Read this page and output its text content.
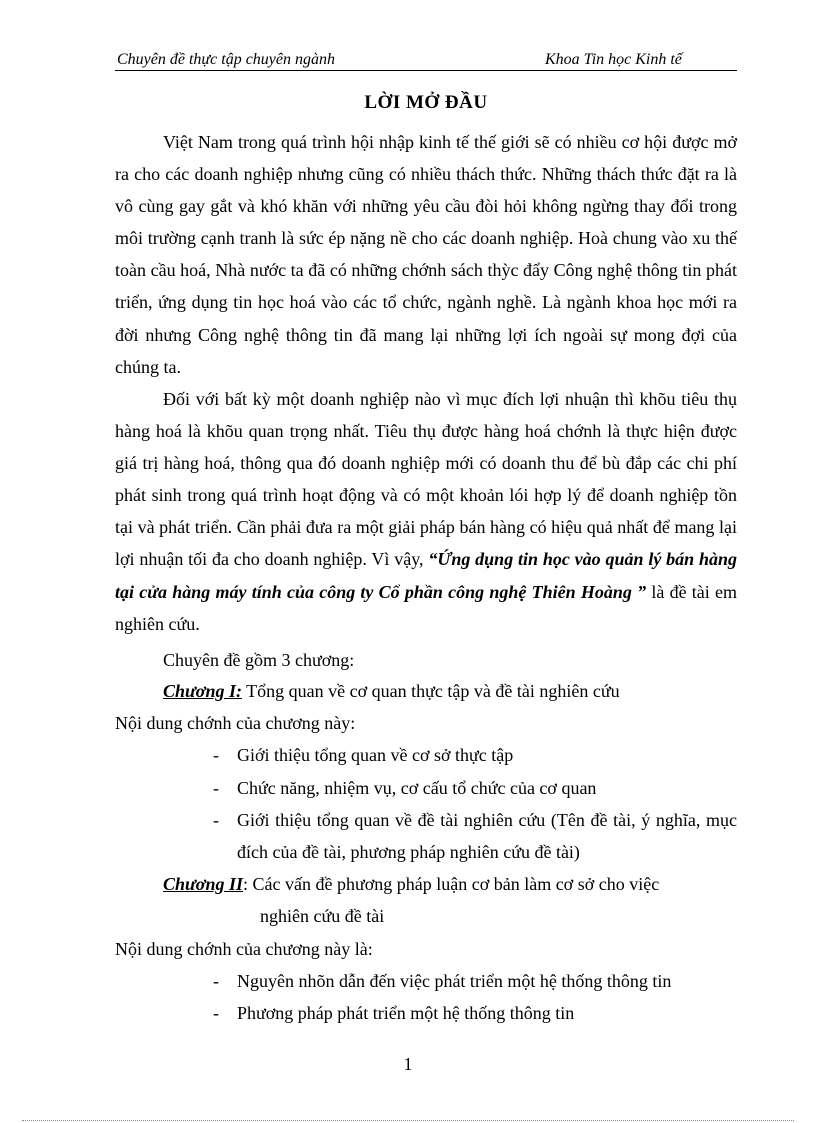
Chuyên đề thực tập chuyên ngành	Khoa Tin học Kinh tế
LỜI MỞ ĐẦU

Việt Nam trong quá trình hội nhập kinh tế thế giới sẽ có nhiều cơ hội được mở ra cho các doanh nghiệp nhưng cũng có nhiều thách thức. Những thách thức đặt ra là vô cùng gay gắt và khó khăn với những yêu cầu đòi hỏi không ngừng thay đổi trong môi trường cạnh tranh là sức ép nặng nề cho các doanh nghiệp. Hoà chung vào xu thế toàn cầu hoá, Nhà nước ta đã có những chớnh sách thỳc đẩy Công nghệ thông tin phát triển, ứng dụng tin học hoá vào các tổ chức, ngành nghề. Là ngành khoa học mới ra đời nhưng Công nghệ thông tin đã mang lại những lợi ích ngoài sự mong đợi của chúng ta.

Đối với bất kỳ một doanh nghiệp nào vì mục đích lợi nhuận thì khõu tiêu thụ hàng hoá là khõu quan trọng nhất. Tiêu thụ được hàng hoá chớnh là thực hiện được giá trị hàng hoá, thông qua đó doanh nghiệp mới có doanh thu để bù đắp các chi phí phát sinh trong quá trình hoạt động và có một khoản lói hợp lý để doanh nghiệp tồn tại và phát triển. Cần phải đưa ra một giải pháp bán hàng có hiệu quả nhất để mang lại lợi nhuận tối đa cho doanh nghiệp. Vì vậy, “Ứng dụng tin học vào quản lý bán hàng tại cửa hàng máy tính của công ty Cổ phần công nghệ Thiên Hoàng ” là đề tài em nghiên cứu.

Chuyên đề gồm 3 chương:

Chương I: Tổng quan về cơ quan thực tập và đề tài nghiên cứu

Nội dung chớnh của chương này:

- Giới thiệu tổng quan về cơ sở thực tập
- Chức năng, nhiệm vụ, cơ cấu tổ chức của cơ quan
- Giới thiệu tổng quan về đề tài nghiên cứu (Tên đề tài, ý nghĩa, mục đích của đề tài, phương pháp nghiên cứu đề tài)

Chương II: Các vấn đề phương pháp luận cơ bản làm cơ sở cho việc

nghiên cứu đề tài

Nội dung chớnh của chương này là:

- Nguyên nhõn dẫn đến việc phát triển một hệ thống thông tin
- Phương pháp phát triển một hệ thống thông tin
1
